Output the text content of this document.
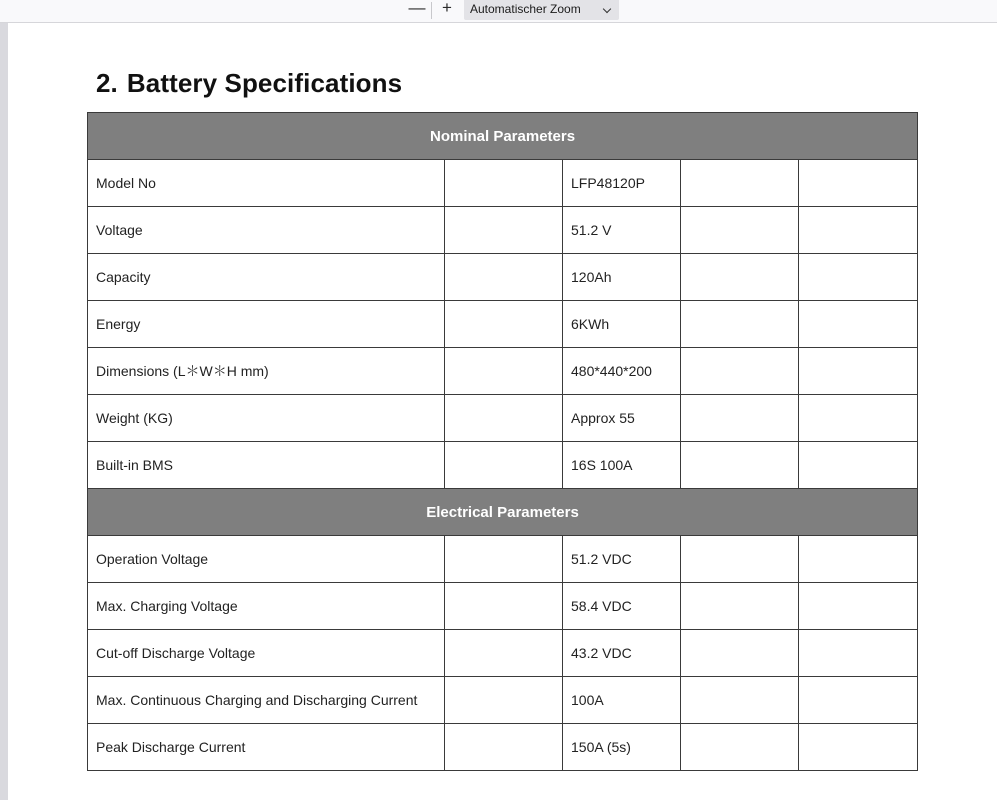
— +	Automatischer Zoom
2. Battery Specifications
Nominal Parameters				
Model No		LFP48120P		
Voltage		51.2 V		
Capacity		120Ah		
Energy		6KWh		
Dimensions (L＊W＊H mm)		480*440*200		
Weight (KG)		Approx 55		
Built-in BMS		16S 100A		
Electrical Parameters				
Operation Voltage		51.2 VDC		
Max. Charging Voltage		58.4 VDC		
Cut-off Discharge Voltage		43.2 VDC		
Max. Continuous Charging and Discharging Current		100A		
Peak Discharge Current		150A (5s)		
